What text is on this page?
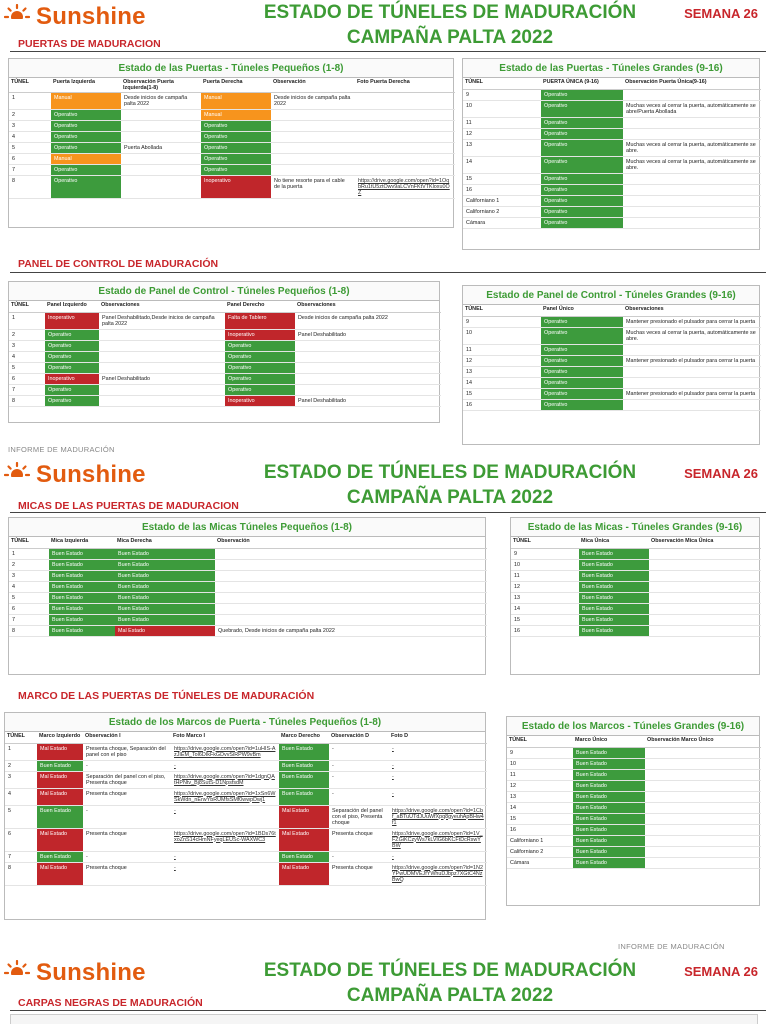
Sunshine	ESTADO DE TÚNELES DE MADURACIÓN
CAMPAÑA PALTA 2022
SEMANA 26
PUERTAS DE MADURACION
Estado de las Puertas - Túneles Pequeños (1-8)
TÚNEL	Puerta Izquierda	Observación Puerta Izquierda(1-8)	Puerta Derecha	Observación	Foto Puerta Derecha
1	Manual	Desde inicios de campaña palta 2022	Manual	Desde inicios de campaña palta 2022	
2	Operativo		Manual		
3	Operativo		Operativo		
4	Operativo		Operativo		
5	Operativo	Puerta Abollada	Operativo		
6	Manual		Operativo		
7	Operativo		Operativo		
8	Operativo		Inoperativo	No tiene resorte para el cable de la puerta	https://drive.google.com/open?id=1OqbRu1tU5ztOwv9aLCVnFKtVTKloxu0OZ
Estado de las Puertas - Túneles Grandes (9-16)
TÚNEL	PUERTA ÚNICA (9-16)	Observación Puerta Única(9-16)
9	Operativo	
10	Operativo	Muchas veces al cerrar la puerta, automáticamente se abre/Puerta Abollada
11	Operativo	
12	Operativo	
13	Operativo	Muchas veces al cerrar la puerta, automáticamente se abre.
14	Operativo	Muchas veces al cerrar la puerta, automáticamente se abre.
15	Operativo	
16	Operativo	
Californiano 1	Operativo	
Californiano 2	Operativo	
Cámara	Operativo	
PANEL DE CONTROL DE MADURACIÓN
Estado de Panel de Control - Túneles Pequeños (1-8)
TÚNEL	Panel Izquierdo	Observaciones	Panel Derecho	Observaciones
1	Inoperativo	Panel Deshabilitado,Desde inicios de campaña palta 2022	Falta de Tablero	Desde inicios de campaña palta 2022
2	Operativo		Inoperativo	Panel Deshabilitado
3	Operativo		Operativo	
4	Operativo		Operativo	
5	Operativo		Operativo	
6	Inoperativo	Panel Deshabilitado	Operativo	
7	Operativo		Operativo	
8	Operativo		Inoperativo	Panel Deshabilitado
Estado de Panel de Control - Túneles Grandes (9-16)
TÚNEL	Panel Único	Observaciones
9	Operativo	Mantener presionado el pulsador para cerrar la puerta
10	Operativo	Muchas veces al cerrar la puerta, automáticamente se abre.
11	Operativo	
12	Operativo	Mantener presionado el pulsador para cerrar la puerta
13	Operativo	
14	Operativo	
15	Operativo	Mantener presionado el pulsador para cerrar la puerta
16	Operativo	
INFORME DE MADURACIÓN
Sunshine	ESTADO DE TÚNELES DE MADURACIÓN
CAMPAÑA PALTA 2022
SEMANA 26
MICAS DE LAS PUERTAS DE MADURACION
Estado de las Micas Túneles Pequeños (1-8)
TÚNEL	Mica Izquierda	Mica Derecha	Observación
1	Buen Estado	Buen Estado	
2	Buen Estado	Buen Estado	
3	Buen Estado	Buen Estado	
4	Buen Estado	Buen Estado	
5	Buen Estado	Buen Estado	
6	Buen Estado	Buen Estado	
7	Buen Estado	Buen Estado	
8	Buen Estado	Mal Estado	Quebrado, Desde inicios de campaña palta 2022
Estado de las Micas - Túneles Grandes (9-16)
TÚNEL	Mica Única	Observación Mica Única
9	Buen Estado	
10	Buen Estado	
11	Buen Estado	
12	Buen Estado	
13	Buen Estado	
14	Buen Estado	
15	Buen Estado	
16	Buen Estado	
MARCO DE LAS PUERTAS DE TÚNELES DE MADURACIÓN
Estado de los Marcos de Puerta - Túneles Pequeños (1-8)
TÚNEL	Marco Izquierdo	Observación I	Foto Marco I	Marco Derecho	Observación D	Foto D
1	Mal Estado	Presenta choque, Separación del panel con el piso	https://drive.google.com/open?id=1uHIS-AzJIEM_Tol6DIkFkGDvvSiRPW9vBm	Buen Estado	-	-
2	Buen Estado	-	-	Buen Estado	-	-
3	Mal Estado	Separación del panel con el piso, Presenta choque	https://drive.google.com/open?id=1dgnQAtHPNtv_Bj8SutS-D1NpsfsdM	Buen Estado	-	-
4	Mal Estado	Presenta choque	https://drive.google.com/open?id=1xSn6WSkWdn_nErwYbRUMfsSMf0wwpDwj1	Buen Estado	-	-
5	Buen Estado	-	-	Mal Estado	Separación del panel con el piso, Presenta choque	https://drive.google.com/open?id=1Cbf_aBTuUTdJUuWfXpq8gyeuhApBHw4f1
6	Mal Estado	Presenta choque	https://drive.google.com/open?id=1BDs76txoZnS14cHmNFyeqLEUSc-WAXWC3	Mal Estado	Presenta choque	https://drive.google.com/open?id=1V_FZGiKCzyWs7kLVlG6bKCFtDcRswYBW
7	Buen Estado	-	-	Buen Estado	-	-
8	Mal Estado	Presenta choque	-	Mal Estado	Presenta choque	https://drive.google.com/open?id=1N2YPwUDMVEJfYWhuDJbpz7XGtC4NzBwQ
Estado de los Marcos - Túneles Grandes (9-16)
TÚNEL	Marco Único	Observación Marco Único
9	Buen Estado	
10	Buen Estado	
11	Buen Estado	
12	Buen Estado	
13	Buen Estado	
14	Buen Estado	
15	Buen Estado	
16	Buen Estado	
Californiano 1	Buen Estado	
Californiano 2	Buen Estado	
Cámara	Buen Estado	
INFORME DE MADURACIÓN
Sunshine	ESTADO DE TÚNELES DE MADURACIÓN
CAMPAÑA PALTA 2022
SEMANA 26
CARPAS NEGRAS DE MADURACIÓN
